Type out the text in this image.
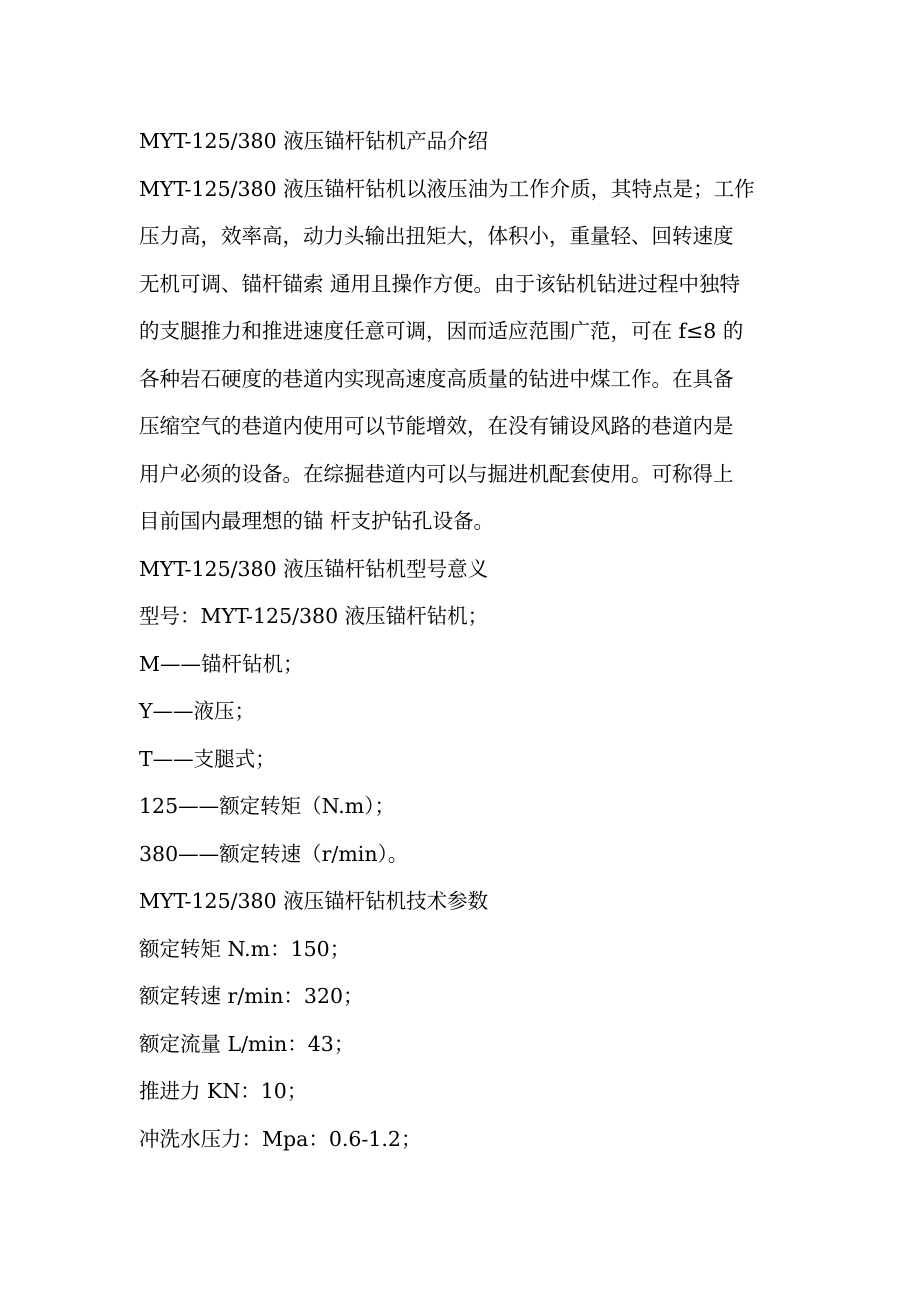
MYT-125/380 液压锚杆钻机产品介绍
MYT-125/380 液压锚杆钻机以液压油为工作介质，其特点是；工作
压力高，效率高，动力头输出扭矩大，体积小，重量轻、回转速度
无机可调、锚杆锚索 通用且操作方便。由于该钻机钻进过程中独特
的支腿推力和推进速度任意可调，因而适应范围广范，可在 f≤8 的
各种岩石硬度的巷道内实现高速度高质量的钻进中煤工作。在具备
压缩空气的巷道内使用可以节能增效，在没有铺设风路的巷道内是
用户必须的设备。在综掘巷道内可以与掘进机配套使用。可称得上
目前国内最理想的锚 杆支护钻孔设备。
MYT-125/380 液压锚杆钻机型号意义
型号：MYT-125/380 液压锚杆钻机；
M——锚杆钻机；
Y——液压；
T——支腿式；
125——额定转矩（N.m）；
380——额定转速（r/min）。
MYT-125/380 液压锚杆钻机技术参数
额定转矩 N.m：150；
额定转速 r/min：320；
额定流量 L/min：43；
推进力 KN：10；
冲洗水压力：Mpa：0.6-1.2；
